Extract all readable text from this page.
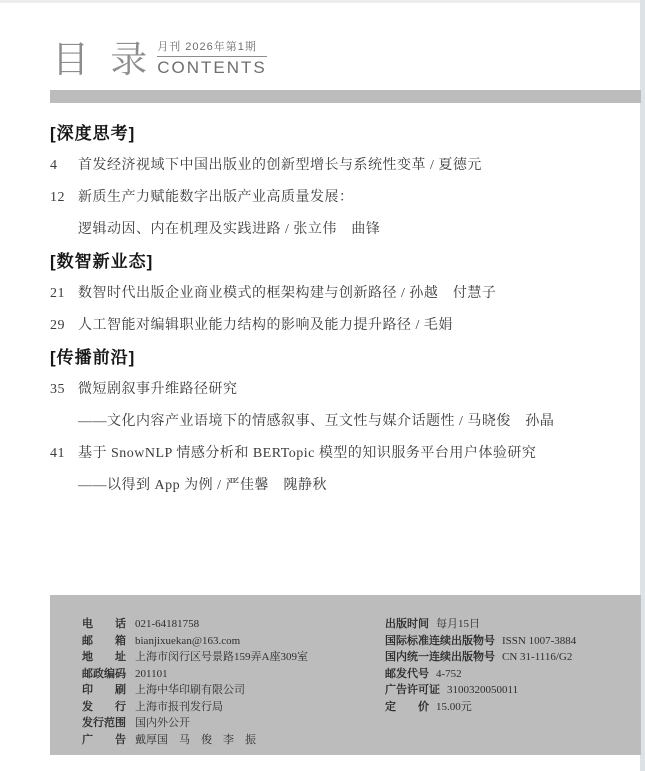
目 录 月刊 2026年第1期
CONTENTS
[深度思考]
4	首发经济视域下中国出版业的创新型增长与系统性变革 / 夏德元
12 新质生产力赋能数字出版产业高质量发展：
逻辑动因、内在机理及实践进路 / 张立伟　曲锋
[数智新业态]
21 数智时代出版企业商业模式的框架构建与创新路径 / 孙越　付慧子
29 人工智能对编辑职业能力结构的影响及能力提升路径 / 毛娟
[传播前沿]
35 微短剧叙事升维路径研究
——文化内容产业语境下的情感叙事、互文性与媒介话题性 / 马晓俊　孙晶
41 基于 SnowNLP 情感分析和 BERTopic 模型的知识服务平台用户体验研究
——以得到 App 为例 / 严佳馨　隗静秋
电　　话 021-64181758
邮　　箱 bianjixuekan@163.com
地　　址 上海市闵行区号景路159弄A座309室
邮政编码 201101
印　　刷 上海中华印刷有限公司
发　　行 上海市报刊发行局
发行范围 国内外公开
广　　告 戴厚国　马　俊　李　振
出版时间 每月15日
国际标准连续出版物号 ISSN 1007-3884
国内统一连续出版物号 CN 31-1116/G2
邮发代号 4-752
广告许可证 3100320050011
定　　价 15.00元
